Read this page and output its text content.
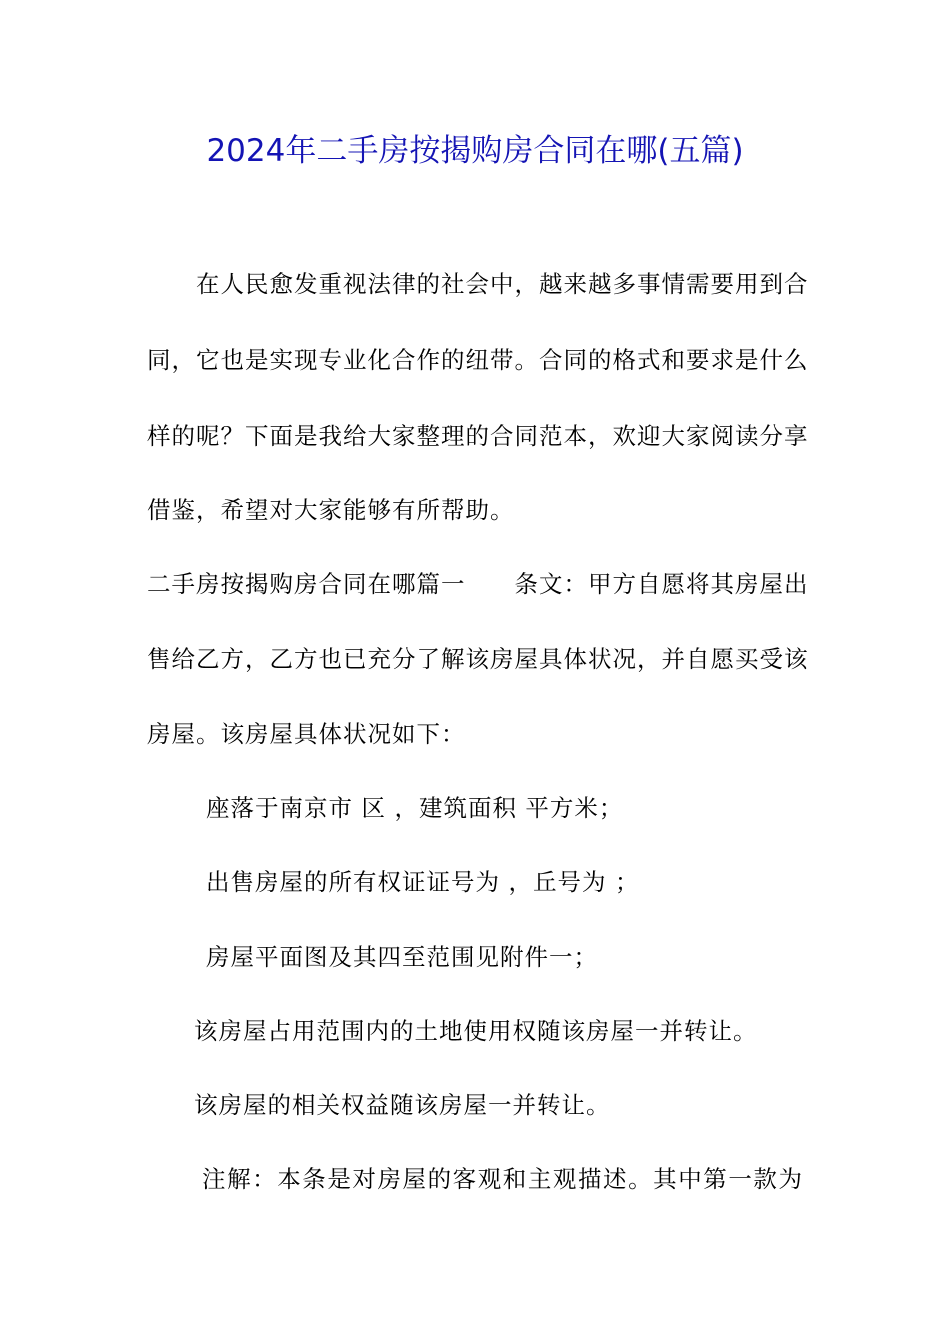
2024年二手房按揭购房合同在哪(五篇)
　　在人民愈发重视法律的社会中，越来越多事情需要用到合
同，它也是实现专业化合作的纽带。合同的格式和要求是什么
样的呢？下面是我给大家整理的合同范本，欢迎大家阅读分享
借鉴，希望对大家能够有所帮助。
二手房按揭购房合同在哪篇一　　条文：甲方自愿将其房屋出
售给乙方，乙方也已充分了解该房屋具体状况，并自愿买受该
房屋。该房屋具体状况如下：
座落于南京市 区 ，建筑面积 平方米；
出售房屋的所有权证证号为 ，丘号为 ；
房屋平面图及其四至范围见附件一；
该房屋占用范围内的土地使用权随该房屋一并转让。
该房屋的相关权益随该房屋一并转让。
注解：本条是对房屋的客观和主观描述。其中第一款为
